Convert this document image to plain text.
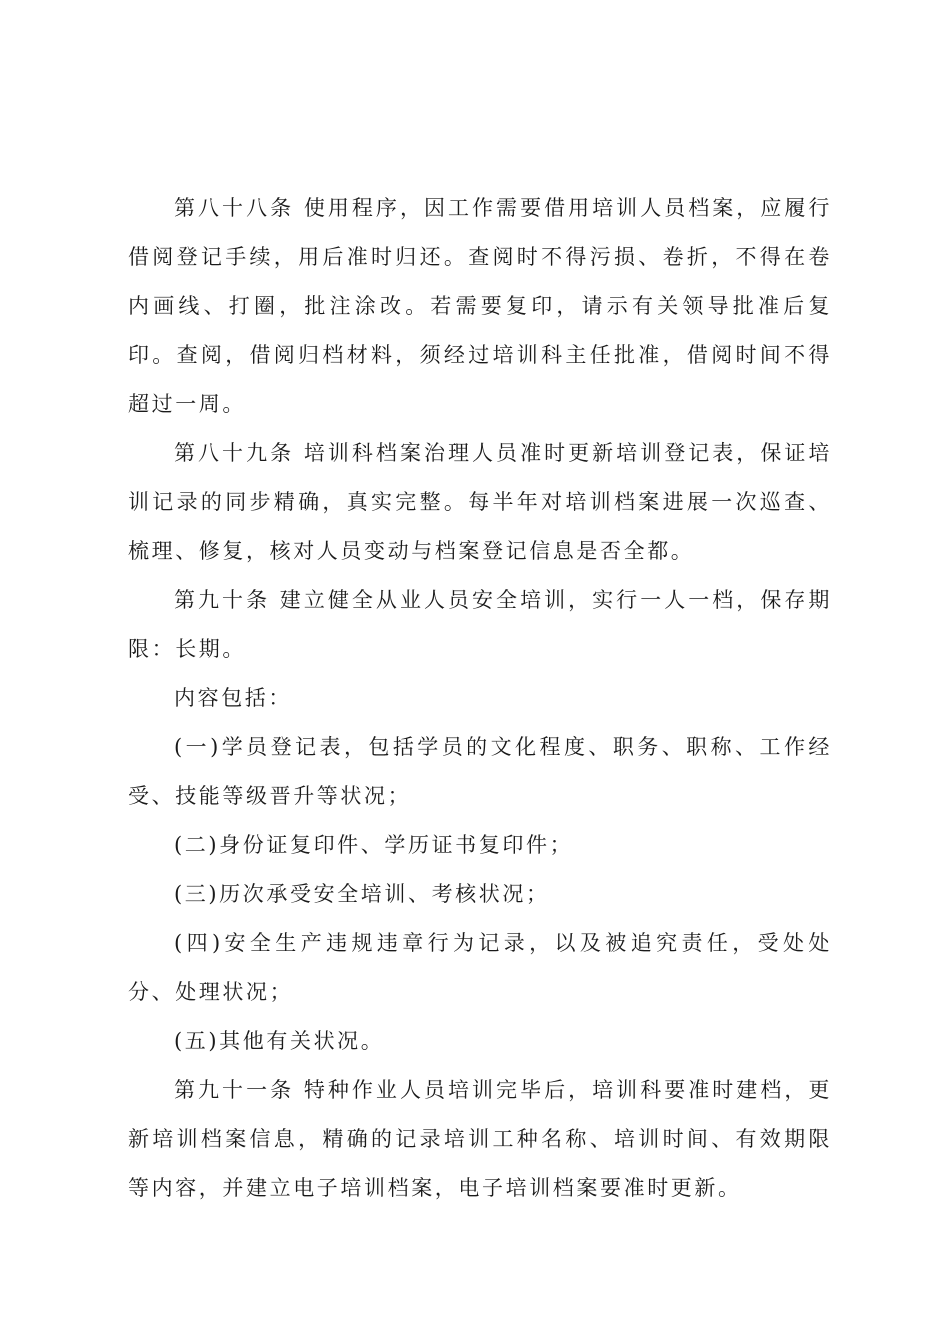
第八十八条 使用程序，因工作需要借用培训人员档案，应履行借阅登记手续，用后准时归还。查阅时不得污损、卷折，不得在卷内画线、打圈，批注涂改。若需要复印，请示有关领导批准后复印。查阅，借阅归档材料，须经过培训科主任批准，借阅时间不得超过一周。

第八十九条 培训科档案治理人员准时更新培训登记表，保证培训记录的同步精确，真实完整。每半年对培训档案进展一次巡查、梳理、修复，核对人员变动与档案登记信息是否全都。

第九十条 建立健全从业人员安全培训，实行一人一档，保存期限：长期。

内容包括：

(一)学员登记表，包括学员的文化程度、职务、职称、工作经受、技能等级晋升等状况；

(二)身份证复印件、学历证书复印件；

(三)历次承受安全培训、考核状况；

(四)安全生产违规违章行为记录，以及被追究责任，受处处分、处理状况；

(五)其他有关状况。

第九十一条 特种作业人员培训完毕后，培训科要准时建档，更新培训档案信息，精确的记录培训工种名称、培训时间、有效期限等内容，并建立电子培训档案，电子培训档案要准时更新。
